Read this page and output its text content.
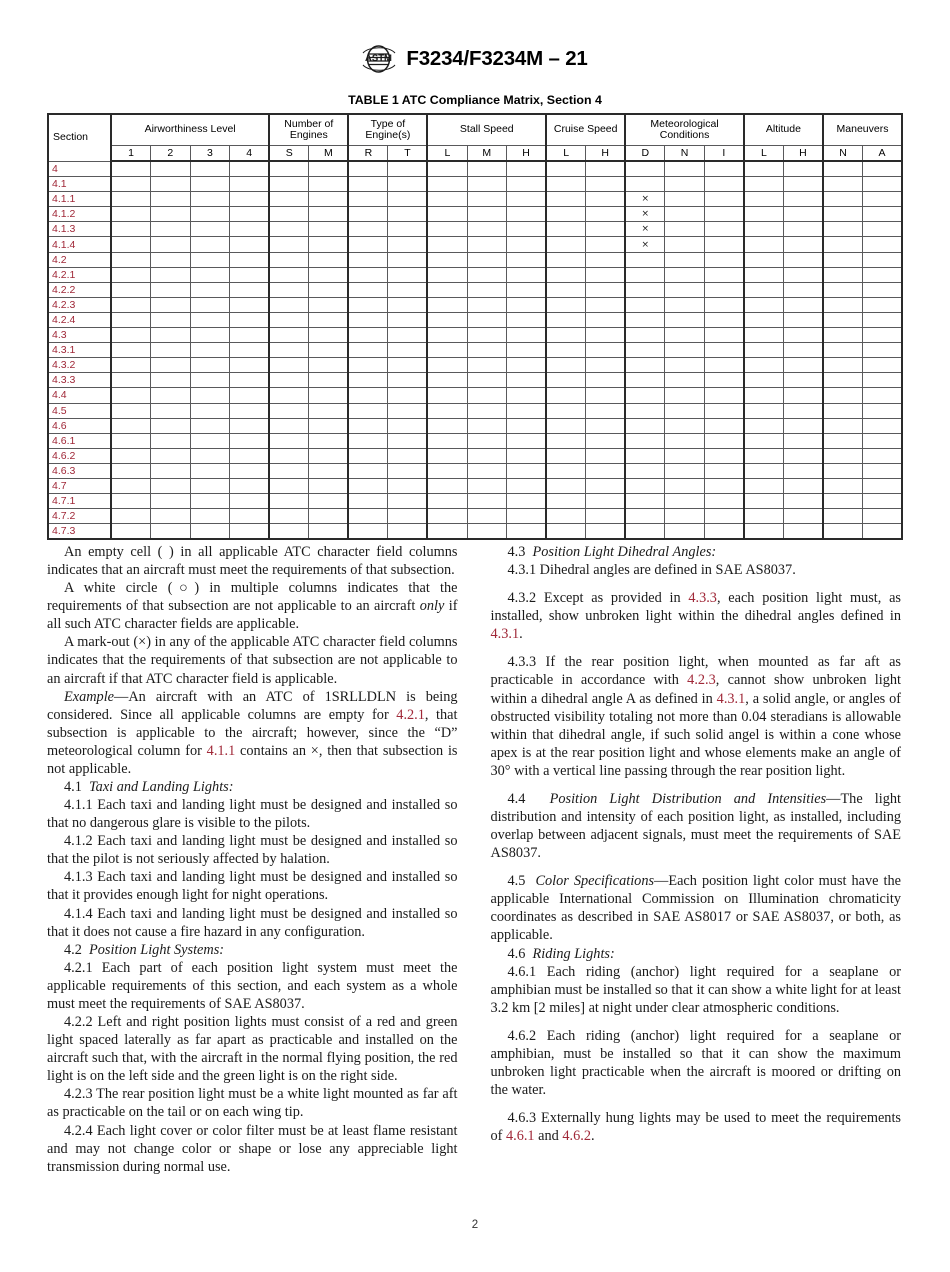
ASTM F3234/F3234M – 21
TABLE 1 ATC Compliance Matrix, Section 4
Section	Airworthiness Level				Number of Engines		Type of Engine(s)		Stall Speed			Cruise Speed		Meteorological Conditions			Altitude		Maneuvers	
	1	2	3	4	S	M	R	T	L	M	H	L	H	D	N	I	L	H	N	A
4																				
4.1																				
4.1.1														×						
4.1.2														×						
4.1.3														×						
4.1.4														×						
4.2																				
4.2.1																				
4.2.2																				
4.2.3																				
4.2.4																				
4.3																				
4.3.1																				
4.3.2																				
4.3.3																				
4.4																				
4.5																				
4.6																				
4.6.1																				
4.6.2																				
4.6.3																				
4.7																				
4.7.1																				
4.7.2																				
4.7.3																				

An empty cell ( ) in all applicable ATC character field columns indicates that an aircraft must meet the requirements of that subsection.

A white circle (○) in multiple columns indicates that the requirements of that subsection are not applicable to an aircraft only if all such ATC character fields are applicable.

A mark-out (×) in any of the applicable ATC character field columns indicates that the requirements of that subsection are not applicable to an aircraft if that ATC character field is applicable.

Example—An aircraft with an ATC of 1SRLLDLN is being considered. Since all applicable columns are empty for 4.2.1, that subsection is applicable to the aircraft; however, since the “D” meteorological column for 4.1.1 contains an ×, then that subsection is not applicable.

4.1 Taxi and Landing Lights:

4.1.1 Each taxi and landing light must be designed and installed so that no dangerous glare is visible to the pilots.

4.1.2 Each taxi and landing light must be designed and installed so that the pilot is not seriously affected by halation.

4.1.3 Each taxi and landing light must be designed and installed so that it provides enough light for night operations.

4.1.4 Each taxi and landing light must be designed and installed so that it does not cause a fire hazard in any configuration.

4.2 Position Light Systems:

4.2.1 Each part of each position light system must meet the applicable requirements of this section, and each system as a whole must meet the requirements of SAE AS8037.

4.2.2 Left and right position lights must consist of a red and green light spaced laterally as far apart as practicable and installed on the aircraft such that, with the aircraft in the normal flying position, the red light is on the left side and the green light is on the right side.

4.2.3 The rear position light must be a white light mounted as far aft as practicable on the tail or on each wing tip.

4.2.4 Each light cover or color filter must be at least flame resistant and may not change color or shape or lose any appreciable light transmission during normal use.

4.3 Position Light Dihedral Angles:

4.3.1 Dihedral angles are defined in SAE AS8037.

4.3.2 Except as provided in 4.3.3, each position light must, as installed, show unbroken light within the dihedral angles defined in 4.3.1.

4.3.3 If the rear position light, when mounted as far aft as practicable in accordance with 4.2.3, cannot show unbroken light within a dihedral angle A as defined in 4.3.1, a solid angle, or angles of obstructed visibility totaling not more than 0.04 steradians is allowable within that dihedral angle, if such solid angel is within a cone whose apex is at the rear position light and whose elements make an angle of 30° with a vertical line passing through the rear position light.

4.4 Position Light Distribution and Intensities—The light distribution and intensity of each position light, as installed, including overlap between adjacent signals, must meet the requirements of SAE AS8037.

4.5 Color Specifications—Each position light color must have the applicable International Commission on Illumination chromaticity coordinates as described in SAE AS8017 or SAE AS8037, or both, as applicable.

4.6 Riding Lights:

4.6.1 Each riding (anchor) light required for a seaplane or amphibian must be installed so that it can show a white light for at least 3.2 km [2 miles] at night under clear atmospheric conditions.

4.6.2 Each riding (anchor) light required for a seaplane or amphibian, must be installed so that it can show the maximum unbroken light practicable when the aircraft is moored or drifting on the water.

4.6.3 Externally hung lights may be used to meet the requirements of 4.6.1 and 4.6.2.

2
